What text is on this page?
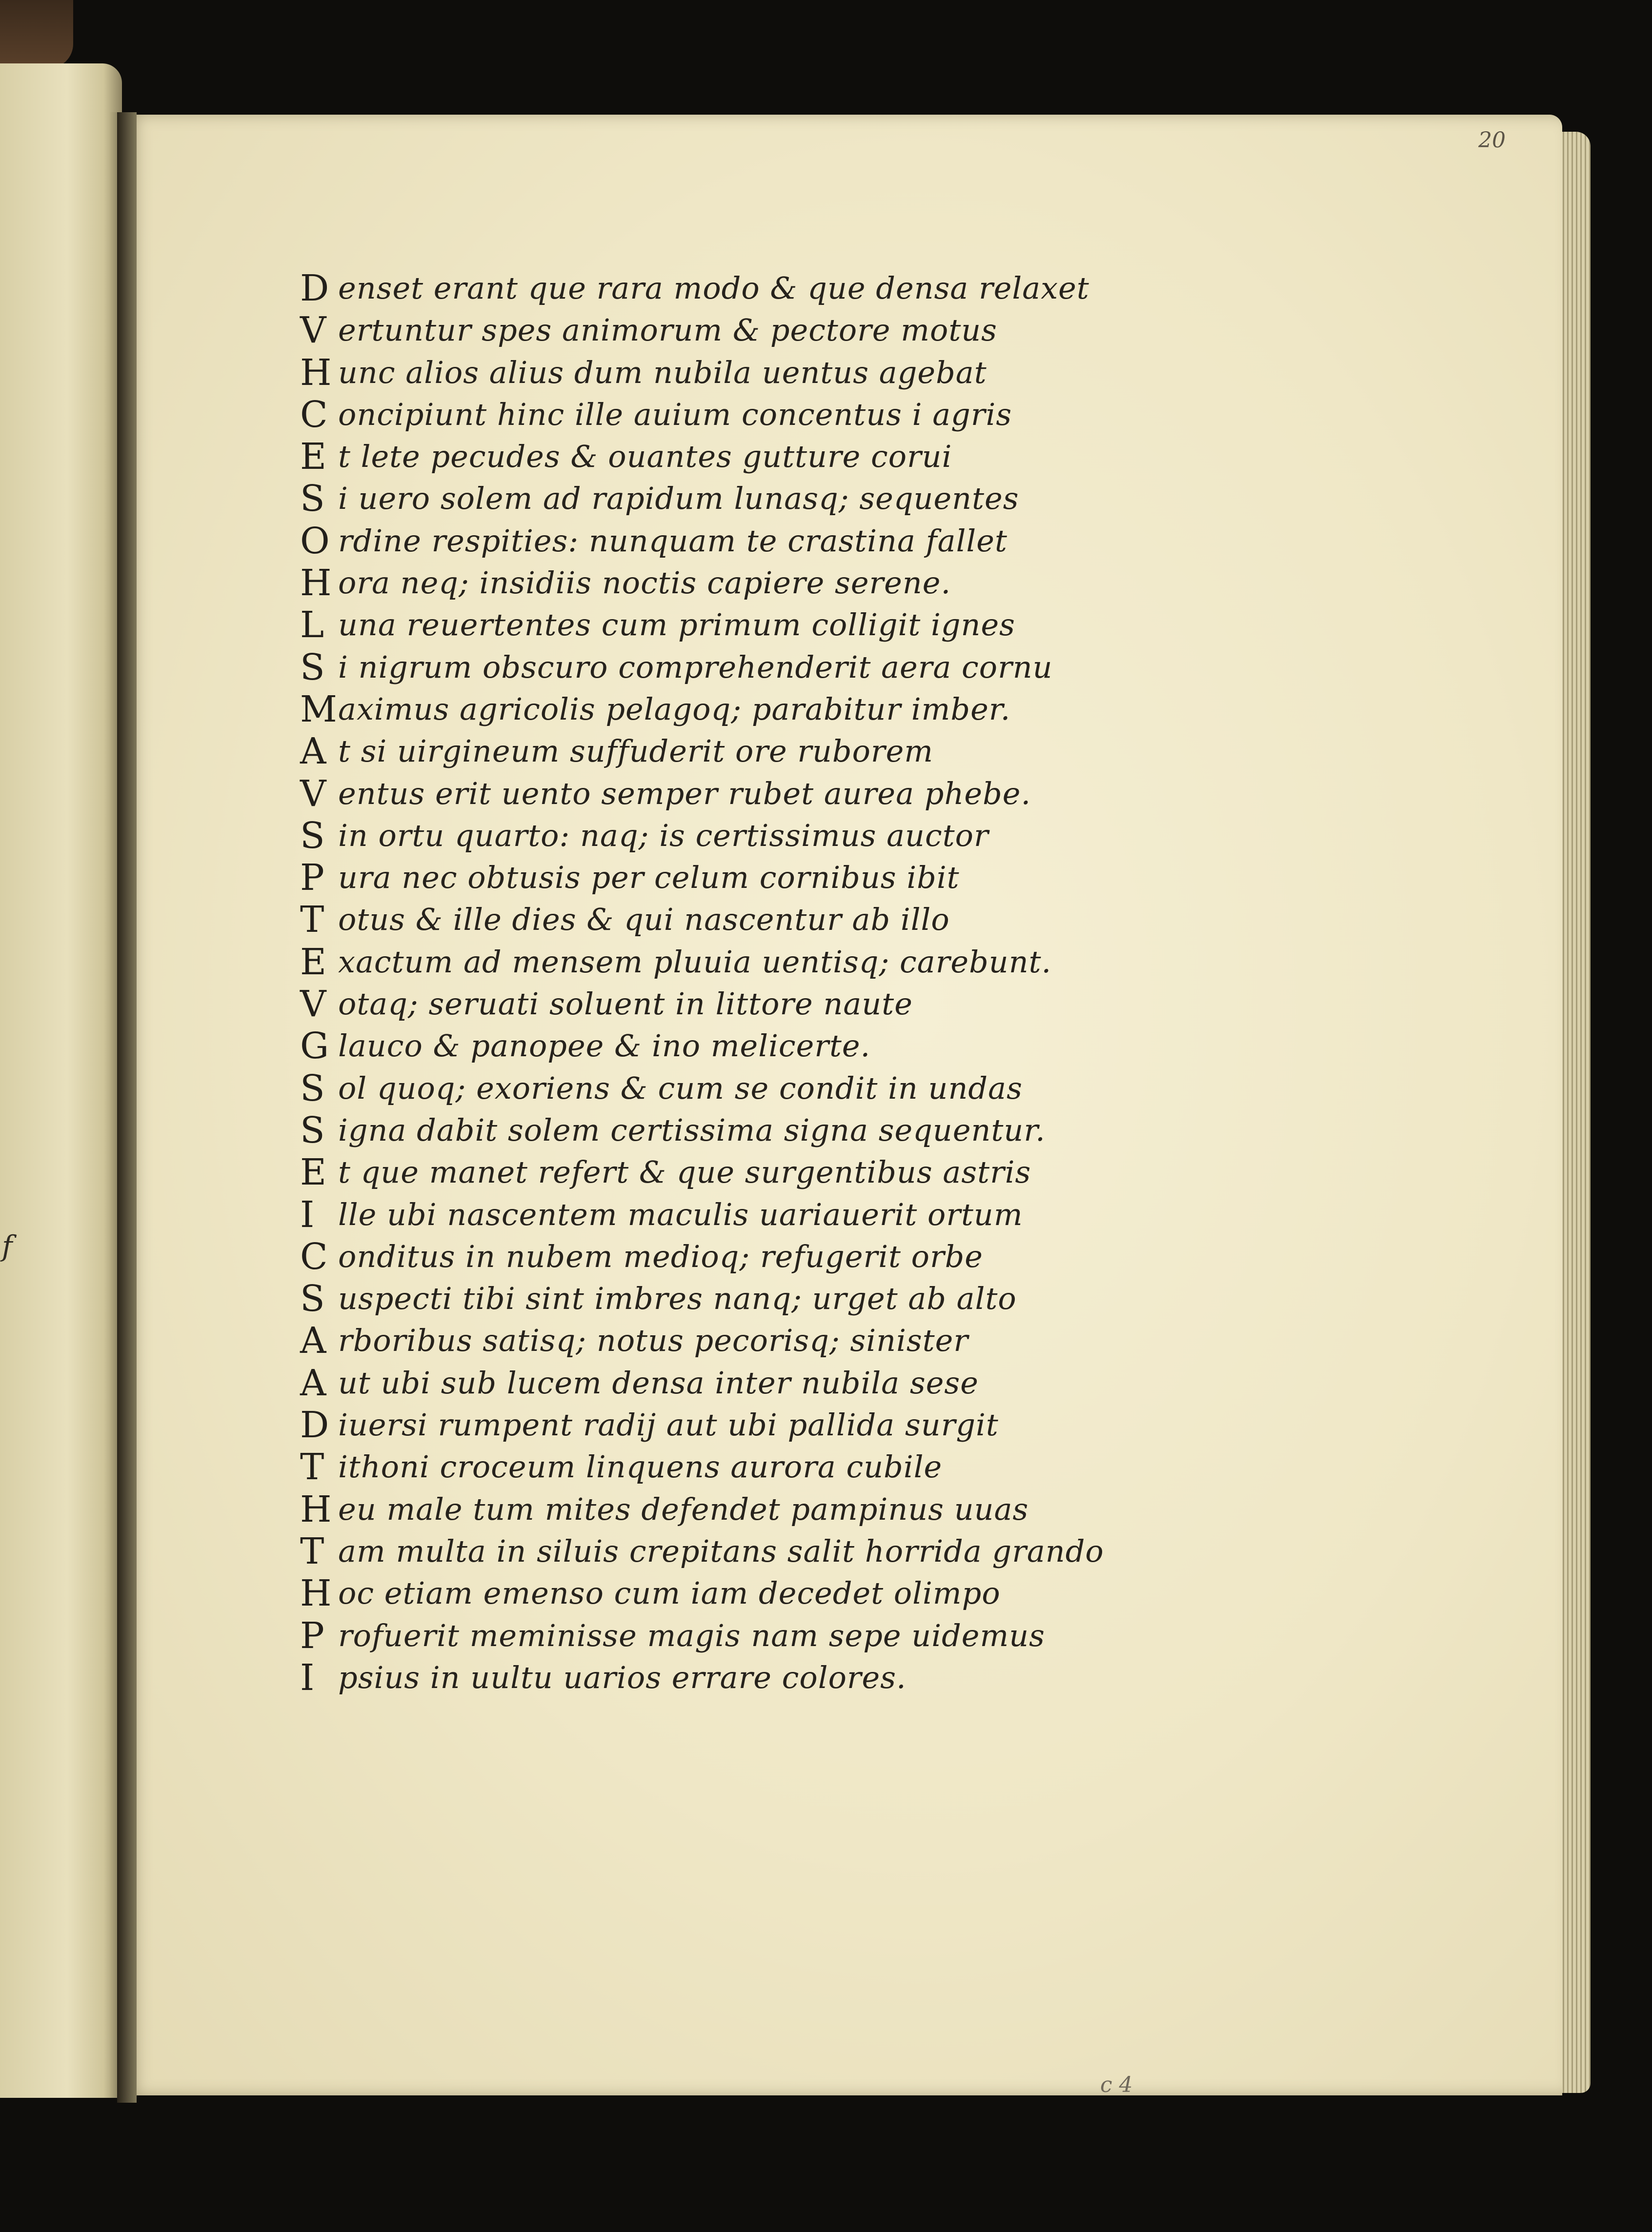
f
20
D enset erant que rara modo & que densa relaxet
V ertuntur spes animorum & pectore motus
H unc alios alius dum nubila uentus agebat
C oncipiunt hinc ille auium concentus i agris
E t lete pecudes & ouantes gutture corui
S i uero solem ad rapidum lunasq; sequentes
O rdine respities: nunquam te crastina fallet
H ora neq; insidiis noctis capiere serene.
L una reuertentes cum primum colligit ignes
S i nigrum obscuro comprehenderit aera cornu
M aximus agricolis pelagoq; parabitur imber.
A t si uirgineum suffuderit ore ruborem
V entus erit uento semper rubet aurea phebe.
S in ortu quarto: naq; is certissimus auctor
P ura nec obtusis per celum cornibus ibit
T otus & ille dies & qui nascentur ab illo
E xactum ad mensem pluuia uentisq; carebunt.
V otaq; seruati soluent in littore naute
G lauco & panopee & ino melicerte.
S ol quoq; exoriens & cum se condit in undas
S igna dabit solem certissima signa sequentur.
E t que manet refert & que surgentibus astris
I lle ubi nascentem maculis uariauerit ortum
C onditus in nubem medioq; refugerit orbe
S uspecti tibi sint imbres nanq; urget ab alto
A rboribus satisq; notus pecorisq; sinister
A ut ubi sub lucem densa inter nubila sese
D iuersi rumpent radij aut ubi pallida surgit
T ithoni croceum linquens aurora cubile
H eu male tum mites defendet pampinus uuas
T am multa in siluis crepitans salit horrida grando
H oc etiam emenso cum iam decedet olimpo
P rofuerit meminisse magis nam sepe uidemus
I psius in uultu uarios errare colores.
c 4
